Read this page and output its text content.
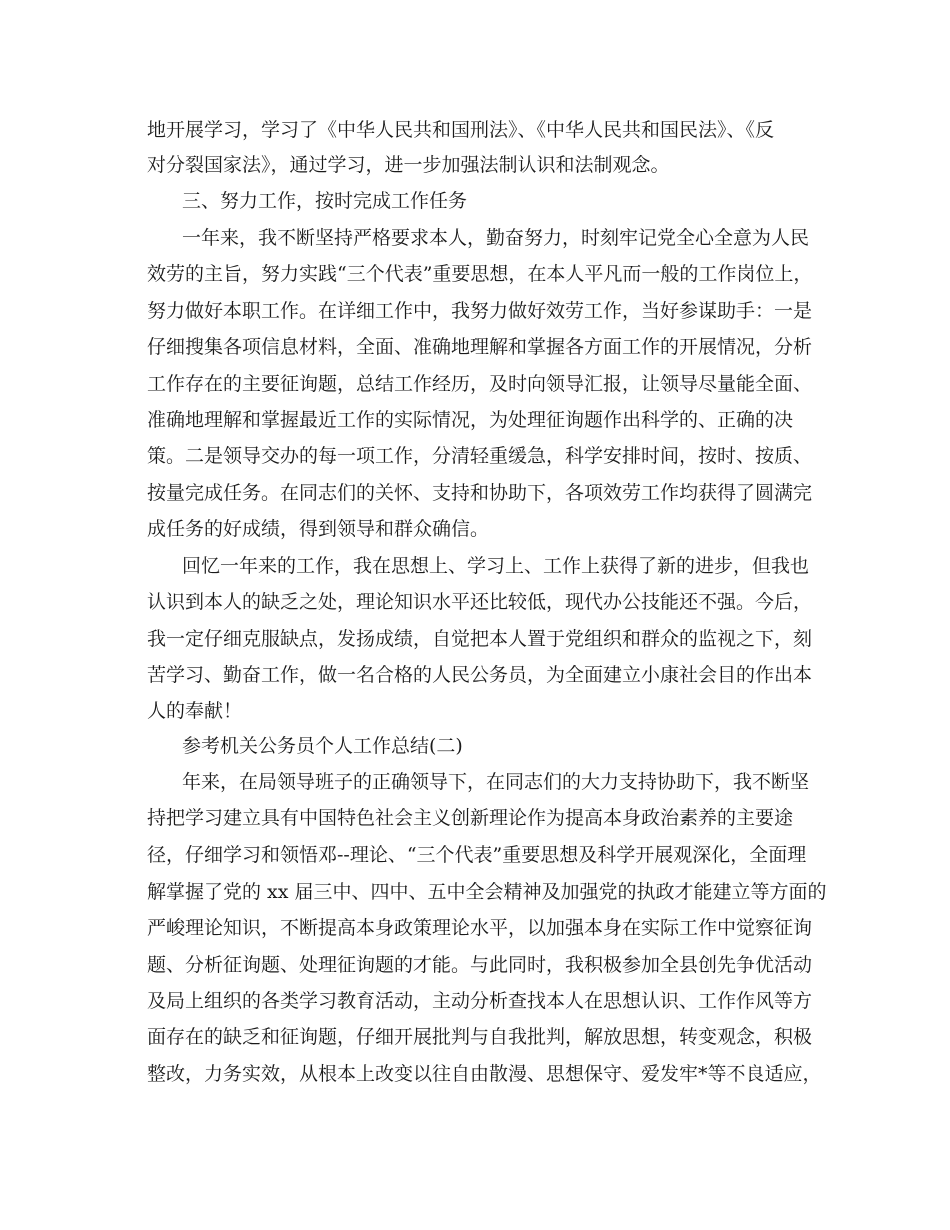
地开展学习，学习了《中华人民共和国刑法》、《中华人民共和国民法》、《反
对分裂国家法》，通过学习，进一步加强法制认识和法制观念。
三、努力工作，按时完成工作任务
一年来，我不断坚持严格要求本人，勤奋努力，时刻牢记党全心全意为人民
效劳的主旨，努力实践“三个代表”重要思想，在本人平凡而一般的工作岗位上，
努力做好本职工作。在详细工作中，我努力做好效劳工作，当好参谋助手：一是
仔细搜集各项信息材料，全面、准确地理解和掌握各方面工作的开展情况，分析
工作存在的主要征询题，总结工作经历，及时向领导汇报，让领导尽量能全面、
准确地理解和掌握最近工作的实际情况，为处理征询题作出科学的、正确的决
策。二是领导交办的每一项工作，分清轻重缓急，科学安排时间，按时、按质、
按量完成任务。在同志们的关怀、支持和协助下，各项效劳工作均获得了圆满完
成任务的好成绩，得到领导和群众确信。
回忆一年来的工作，我在思想上、学习上、工作上获得了新的进步，但我也
认识到本人的缺乏之处，理论知识水平还比较低，现代办公技能还不强。今后，
我一定仔细克服缺点，发扬成绩，自觉把本人置于党组织和群众的监视之下，刻
苦学习、勤奋工作，做一名合格的人民公务员，为全面建立小康社会目的作出本
人的奉献！
参考机关公务员个人工作总结(二)
年来，在局领导班子的正确领导下，在同志们的大力支持协助下，我不断坚
持把学习建立具有中国特色社会主义创新理论作为提高本身政治素养的主要途
径，仔细学习和领悟邓--理论、“三个代表”重要思想及科学开展观深化，全面理
解掌握了党的 xx 届三中、四中、五中全会精神及加强党的执政才能建立等方面的
严峻理论知识，不断提高本身政策理论水平，以加强本身在实际工作中觉察征询
题、分析征询题、处理征询题的才能。与此同时，我积极参加全县创先争优活动
及局上组织的各类学习教育活动，主动分析查找本人在思想认识、工作作风等方
面存在的缺乏和征询题，仔细开展批判与自我批判，解放思想，转变观念，积极
整改，力务实效，从根本上改变以往自由散漫、思想保守、爱发牢*等不良适应，
